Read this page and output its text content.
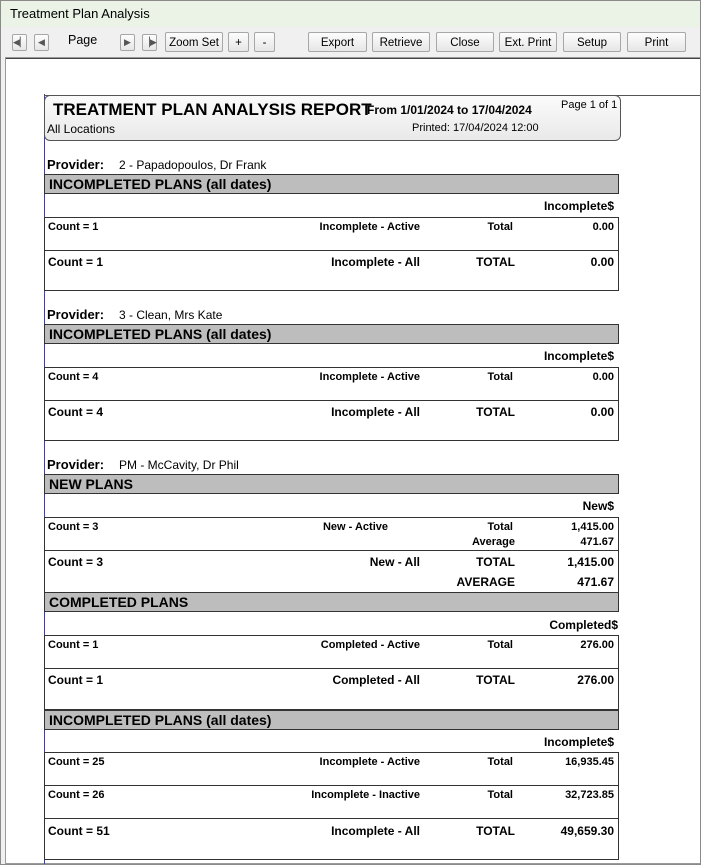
Treatment Plan Analysis
◀▏	◀	Page	▶	▕▶	Zoom Set	+	-	Export	Retrieve	Close	Ext. Print	Setup	Print
TREATMENT PLAN ANALYSIS REPORT
From 1/01/2024 to 17/04/2024	Page 1 of 1
All Locations	Printed: 17/04/2024 12:00
Provider: 2 - Papadopoulos, Dr Frank
INCOMPLETED PLANS (all dates)
Incomplete$
Count = 1	Incomplete - Active	Total	0.00
Count = 1	Incomplete - All	TOTAL	0.00
Provider: 3 - Clean, Mrs Kate
INCOMPLETED PLANS (all dates)
Incomplete$
Count = 4	Incomplete - Active	Total	0.00
Count = 4	Incomplete - All	TOTAL	0.00
Provider: PM - McCavity, Dr Phil
NEW PLANS
New$
Count = 3	New - Active	Total	1,415.00
Average	471.67
Count = 3	New - All	TOTAL	1,415.00
AVERAGE	471.67
COMPLETED PLANS
Completed$
Count = 1	Completed - Active	Total	276.00
Count = 1	Completed - All	TOTAL	276.00
INCOMPLETED PLANS (all dates)
Incomplete$
Count = 25	Incomplete - Active	Total	16,935.45
Count = 26	Incomplete - Inactive	Total	32,723.85
Count = 51	Incomplete - All	TOTAL	49,659.30
